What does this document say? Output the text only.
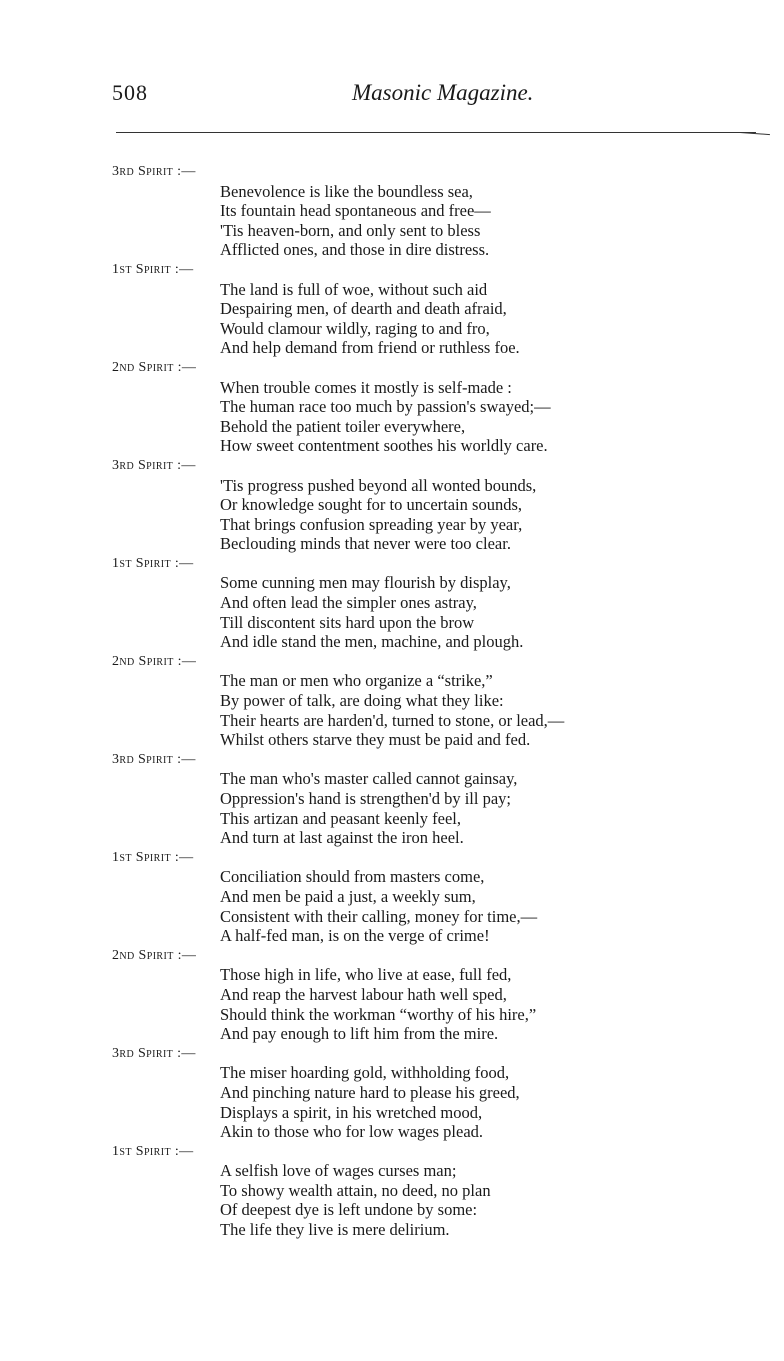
508	Masonic Magazine.
3rd Spirit :—
Benevolence is like the boundless sea,
Its fountain head spontaneous and free—
'Tis heaven-born, and only sent to bless
Afflicted ones, and those in dire distress.
1st Spirit :—
The land is full of woe, without such aid
Despairing men, of dearth and death afraid,
Would clamour wildly, raging to and fro,
And help demand from friend or ruthless foe.
2nd Spirit :—
When trouble comes it mostly is self-made :
The human race too much by passion's swayed;—
Behold the patient toiler everywhere,
How sweet contentment soothes his worldly care.
3rd Spirit :—
'Tis progress pushed beyond all wonted bounds,
Or knowledge sought for to uncertain sounds,
That brings confusion spreading year by year,
Beclouding minds that never were too clear.
1st Spirit :—
Some cunning men may flourish by display,
And often lead the simpler ones astray,
Till discontent sits hard upon the brow
And idle stand the men, machine, and plough.
2nd Spirit :—
The man or men who organize a “strike,”
By power of talk, are doing what they like:
Their hearts are harden'd, turned to stone, or lead,—
Whilst others starve they must be paid and fed.
3rd Spirit :—
The man who's master called cannot gainsay,
Oppression's hand is strengthen'd by ill pay;
This artizan and peasant keenly feel,
And turn at last against the iron heel.
1st Spirit :—
Conciliation should from masters come,
And men be paid a just, a weekly sum,
Consistent with their calling, money for time,—
A half-fed man, is on the verge of crime!
2nd Spirit :—
Those high in life, who live at ease, full fed,
And reap the harvest labour hath well sped,
Should think the workman “worthy of his hire,”
And pay enough to lift him from the mire.
3rd Spirit :—
The miser hoarding gold, withholding food,
And pinching nature hard to please his greed,
Displays a spirit, in his wretched mood,
Akin to those who for low wages plead.
1st Spirit :—
A selfish love of wages curses man;
To showy wealth attain, no deed, no plan
Of deepest dye is left undone by some:
The life they live is mere delirium.
